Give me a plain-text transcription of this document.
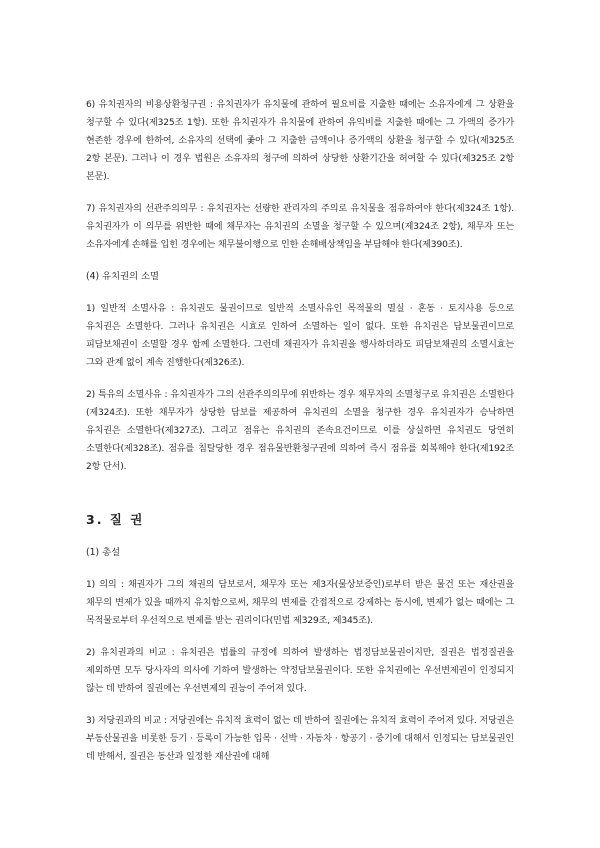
6) 유치권자의 비용상환청구권 : 유치권자가 유치물에 관하여 필요비를 지출한 때에는 소유자에게 그 상환을 청구할 수 있다(제325조 1항). 또한 유치권자가 유치물에 관하여 유익비를 지출한 때에는 그 가액의 증가가 현존한 경우에 한하여, 소유자의 선택에 좇아 그 지출한 금액이나 증가액의 상환을 청구할 수 있다(제325조 2항 본문). 그러나 이 경우 법원은 소유자의 청구에 의하여 상당한 상환기간을 허여할 수 있다(제325조 2항 본문).

7) 유치권자의 선관주의의무 : 유치권자는 선량한 관리자의 주의로 유치물을 점유하여야 한다(제324조 1항). 유치권자가 이 의무를 위반한 때에 채무자는 유치권의 소멸을 청구할 수 있으며(제324조 2항), 채무자 또는 소유자에게 손해를 입힌 경우에는 채무불이행으로 인한 손해배상책임을 부담해야 한다(제390조).

(4) 유치권의 소멸

1) 일반적 소멸사유 : 유치권도 물권이므로 일반적 소멸사유인 목적물의 멸실 · 혼동 · 토지사용 등으로 유치권은 소멸한다. 그러나 유치권은 시효로 인하여 소멸하는 일이 없다. 또한 유치권은 담보물권이므로 피담보채권이 소멸할 경우 함께 소멸한다. 그런데 채권자가 유치권을 행사하더라도 피담보채권의 소멸시효는 그와 관계 없이 계속 진행한다(제326조).

2) 특유의 소멸사유 : 유치권자가 그의 선관주의의무에 위반하는 경우 채무자의 소멸청구로 유치권은 소멸한다(제324조). 또한 채무자가 상당한 담보를 제공하여 유치권의 소멸을 청구한 경우 유치권자가 승낙하면 유치권은 소멸한다(제327조). 그리고 점유는 유치권의 존속요건이므로 이를 상실하면 유치권도 당연히 소멸한다(제328조). 점유를 침탈당한 경우 점유물반환청구권에 의하여 즉시 점유를 회복해야 한다(제192조 2항 단서).

3. 질 권

(1) 총설

1) 의의 : 채권자가 그의 채권의 담보로서, 채무자 또는 제3자(물상보증인)로부터 받은 물건 또는 재산권을 채무의 변제가 있을 때까지 유치함으로써, 채무의 변제를 간접적으로 강제하는 동시에, 변제가 없는 때에는 그 목적물로부터 우선적으로 변제를 받는 권리이다(민법 제329조, 제345조).

2) 유치권과의 비교 : 유치권은 법률의 규정에 의하여 발생하는 법정담보물권이지만, 질권은 법정질권을 제외하면 모두 당사자의 의사에 기하여 발생하는 약정담보물권이다. 또한 유치권에는 우선변제권이 인정되지 않는 데 반하여 질권에는 우선변제의 권능이 주어져 있다.

3) 저당권과의 비교 : 저당권에는 유치적 효력이 없는 데 반하여 질권에는 유치적 효력이 주어져 있다. 저당권은 부동산물권을 비롯한 등기 · 등록이 가능한 입목 · 선박 · 자동차 · 항공기 · 중기에 대해서 인정되는 담보물권인 데 반해서, 질권은 동산과 일정한 재산권에 대해
